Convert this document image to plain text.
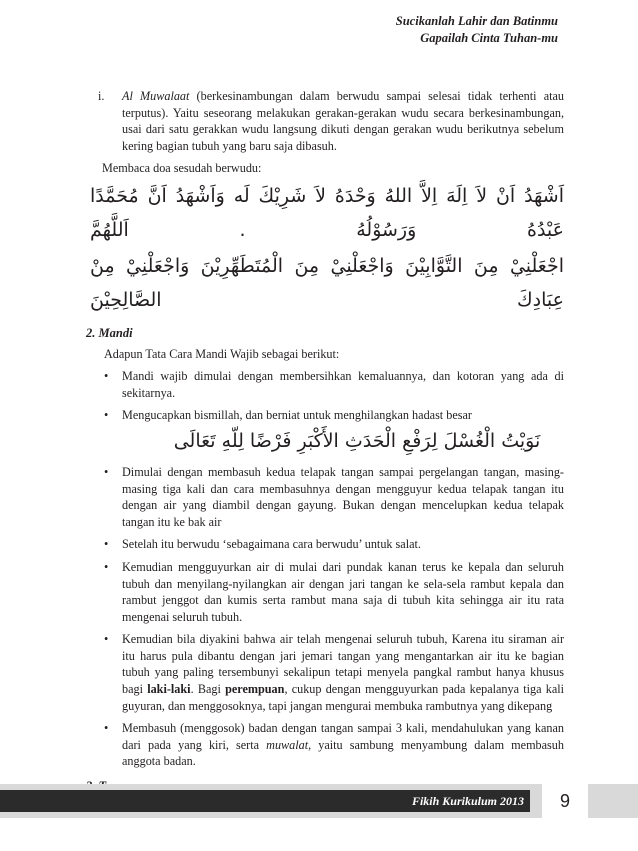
Sucikanlah Lahir dan Batinmu
Gapailah Cinta Tuhan-mu
i.	Al Muwalaat (berkesinambungan dalam berwudu sampai selesai tidak terhenti atau terputus). Yaitu seseorang melakukan gerakan-gerakan wudu secara berkesinambungan, usai dari satu gerakkan wudu langsung dikuti dengan gerakan wudu berikutnya sebelum kering bagian tubuh yang baru saja dibasuh.
Membaca doa sesudah berwudu:
اَشْهَدُ اَنْ لاَ اِلَهَ اِلاَّ اللهُ وَحْدَهُ لاَ شَرِيْكَ لَه وَاَشْهَدُ اَنَّ مُحَمَّدًا عَبْدُهُ وَرَسُوْلُهُ . اَللَّهُمَّ
اجْعَلْنِيْ مِنَ التَّوَّابِيْنَ وَاجْعَلْنِيْ مِنَ الْمُتَطَهِّرِيْنَ وَاجْعَلْنِيْ مِنْ عِبَادِكَ الصَّالِحِيْنَ
2. Mandi
Adapun Tata Cara Mandi Wajib sebagai berikut:
•	Mandi wajib dimulai dengan membersihkan kemaluannya, dan kotoran yang ada di sekitarnya.
•	Mengucapkan bismillah, dan berniat untuk menghilangkan hadast besar
نَوَيْتُ الْغُسْلَ لِرَفْعِ الْحَدَثِ الأَكْبَرِ فَرْضًا لِلّهِ تَعَالَى
•	Dimulai dengan membasuh kedua telapak tangan sampai pergelangan tangan, masing-masing tiga kali dan cara membasuhnya dengan mengguyur kedua telapak tangan itu dengan air yang diambil dengan gayung. Bukan dengan mencelupkan kedua telapak tangan itu ke bak air
•	Setelah itu berwudu ‘sebagaimana cara berwudu’ untuk salat.
•	Kemudian mengguyurkan air di mulai dari pundak kanan terus ke kepala dan seluruh tubuh dan menyilang-nyilangkan air dengan jari tangan ke sela-sela rambut kepala dan rambut jenggot dan kumis serta rambut mana saja di tubuh kita sehingga air itu rata mengenai seluruh tubuh.
•	Kemudian bila diyakini bahwa air telah mengenai seluruh tubuh, Karena itu siraman air itu harus pula dibantu dengan jari jemari tangan yang mengantarkan air itu ke bagian tubuh yang paling tersembunyi sekalipun tetapi menyela pangkal rambut hanya khusus bagi laki-laki. Bagi perempuan, cukup dengan mengguyurkan pada kepalanya tiga kali guyuran, dan menggosoknya, tapi jangan mengurai membuka rambutnya yang dikepang
•	Membasuh (menggosok) badan dengan tangan sampai 3 kali, mendahulukan yang kanan dari pada yang kiri, serta muwalat, yaitu sambung menyambung dalam membasuh anggota badan.
Fikih Kurikulum 2013	9
